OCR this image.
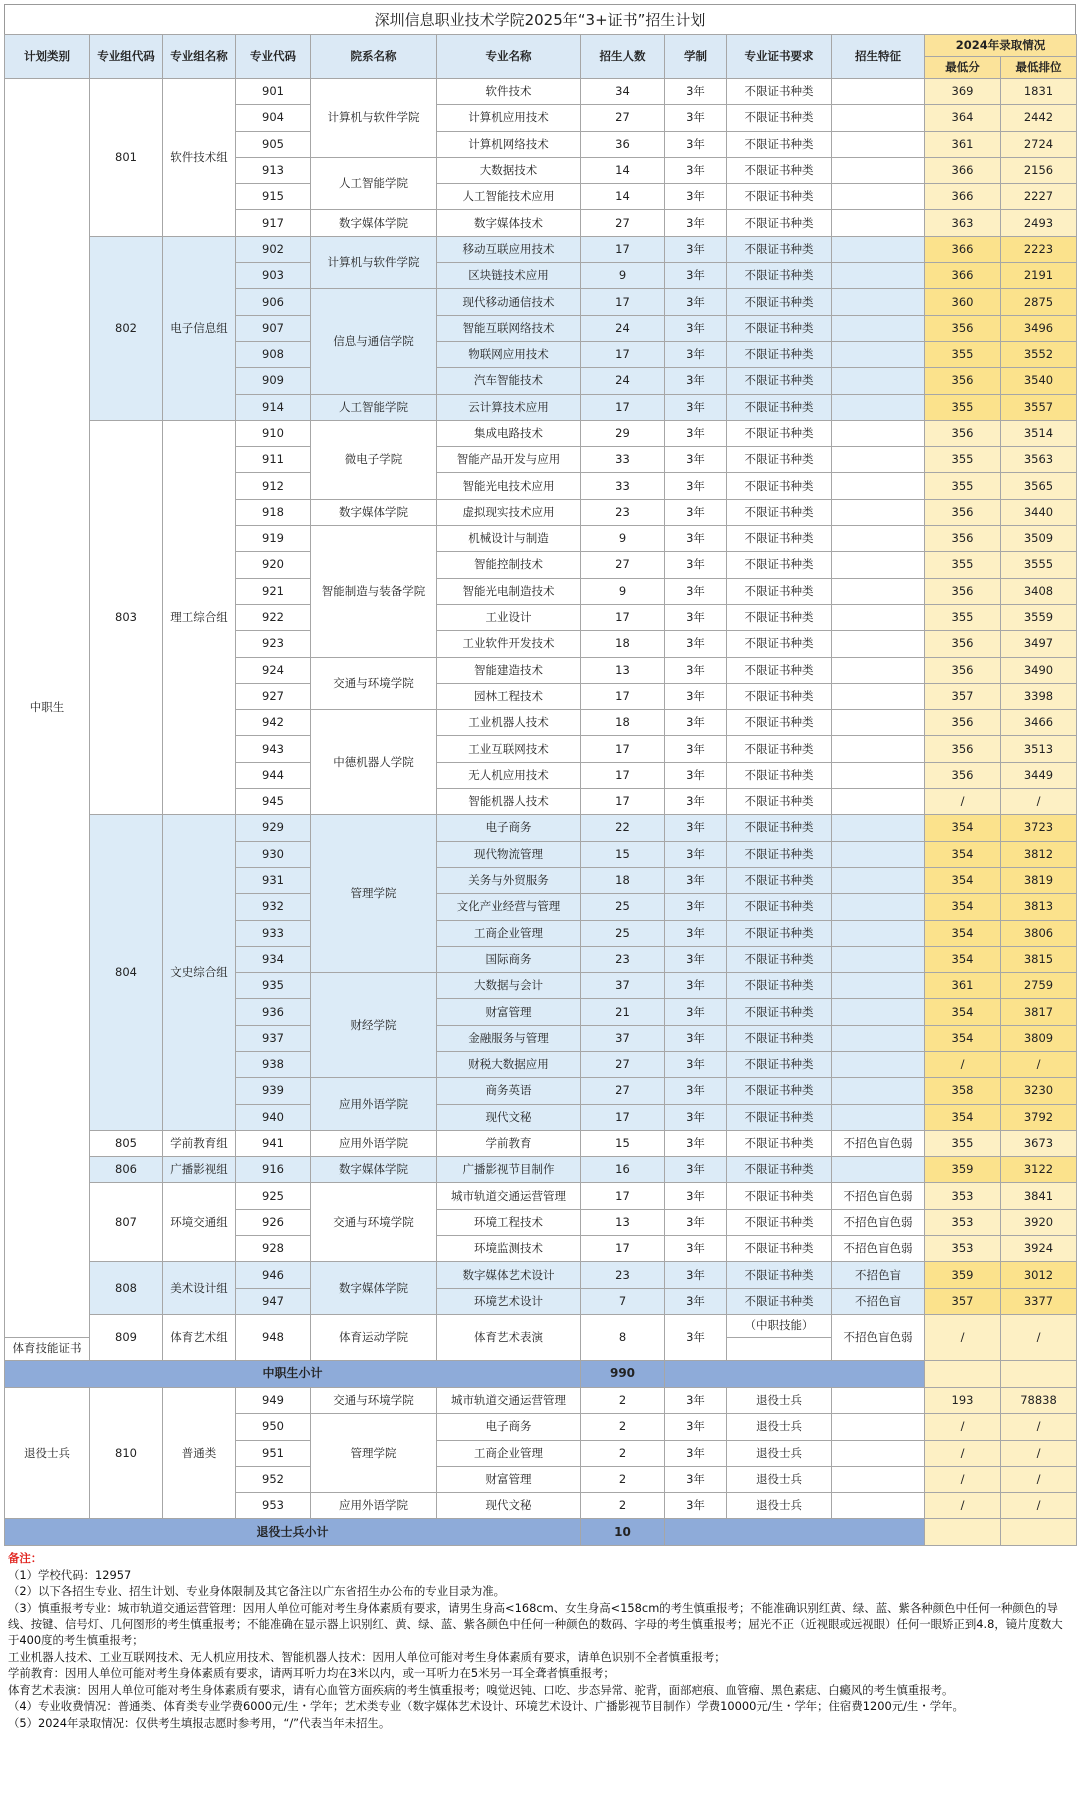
深圳信息职业技术学院2025年“3+证书”招生计划
计划类别	专业组代码	专业组名称	专业代码	院系名称	专业名称	招生人数	学制	专业证书要求	招生特征	2024年录取情况	
										最低分	最低排位
中职生	801	软件技术组	901	计算机与软件学院	软件技术	34	3年	不限证书种类		369	1831
			904		计算机应用技术	27	3年	不限证书种类		364	2442
			905		计算机网络技术	36	3年	不限证书种类		361	2724
			913	人工智能学院	大数据技术	14	3年	不限证书种类		366	2156
			915		人工智能技术应用	14	3年	不限证书种类		366	2227
			917	数字媒体学院	数字媒体技术	27	3年	不限证书种类		363	2493
	802	电子信息组	902	计算机与软件学院	移动互联应用技术	17	3年	不限证书种类		366	2223
			903		区块链技术应用	9	3年	不限证书种类		366	2191
			906	信息与通信学院	现代移动通信技术	17	3年	不限证书种类		360	2875
			907		智能互联网络技术	24	3年	不限证书种类		356	3496
			908		物联网应用技术	17	3年	不限证书种类		355	3552
			909		汽车智能技术	24	3年	不限证书种类		356	3540
			914	人工智能学院	云计算技术应用	17	3年	不限证书种类		355	3557
	803	理工综合组	910	微电子学院	集成电路技术	29	3年	不限证书种类		356	3514
			911		智能产品开发与应用	33	3年	不限证书种类		355	3563
			912		智能光电技术应用	33	3年	不限证书种类		355	3565
			918	数字媒体学院	虚拟现实技术应用	23	3年	不限证书种类		356	3440
			919	智能制造与装备学院	机械设计与制造	9	3年	不限证书种类		356	3509
			920		智能控制技术	27	3年	不限证书种类		355	3555
			921		智能光电制造技术	9	3年	不限证书种类		356	3408
			922		工业设计	17	3年	不限证书种类		355	3559
			923		工业软件开发技术	18	3年	不限证书种类		356	3497
			924	交通与环境学院	智能建造技术	13	3年	不限证书种类		356	3490
			927		园林工程技术	17	3年	不限证书种类		357	3398
			942	中德机器人学院	工业机器人技术	18	3年	不限证书种类		356	3466
			943		工业互联网技术	17	3年	不限证书种类		356	3513
			944		无人机应用技术	17	3年	不限证书种类		356	3449
			945		智能机器人技术	17	3年	不限证书种类		/	/
	804	文史综合组	929	管理学院	电子商务	22	3年	不限证书种类		354	3723
			930		现代物流管理	15	3年	不限证书种类		354	3812
			931		关务与外贸服务	18	3年	不限证书种类		354	3819
			932		文化产业经营与管理	25	3年	不限证书种类		354	3813
			933		工商企业管理	25	3年	不限证书种类		354	3806
			934		国际商务	23	3年	不限证书种类		354	3815
			935	财经学院	大数据与会计	37	3年	不限证书种类		361	2759
			936		财富管理	21	3年	不限证书种类		354	3817
			937		金融服务与管理	37	3年	不限证书种类		354	3809
			938		财税大数据应用	27	3年	不限证书种类		/	/
			939	应用外语学院	商务英语	27	3年	不限证书种类		358	3230
			940		现代文秘	17	3年	不限证书种类		354	3792
	805	学前教育组	941	应用外语学院	学前教育	15	3年	不限证书种类	不招色盲色弱	355	3673
	806	广播影视组	916	数字媒体学院	广播影视节目制作	16	3年	不限证书种类		359	3122
	807	环境交通组	925	交通与环境学院	城市轨道交通运营管理	17	3年	不限证书种类	不招色盲色弱	353	3841
			926		环境工程技术	13	3年	不限证书种类	不招色盲色弱	353	3920
			928		环境监测技术	17	3年	不限证书种类	不招色盲色弱	353	3924
	808	美术设计组	946	数字媒体学院	数字媒体艺术设计	23	3年	不限证书种类	不招色盲	359	3012
			947		环境艺术设计	7	3年	不限证书种类	不招色盲	357	3377
	809	体育艺术组	948	体育运动学院	体育艺术表演	8	3年	（中职技能）	不招色盲色弱	/	/
体育技能证书											
中职生小计						990					
退役士兵	810	普通类	949	交通与环境学院	城市轨道交通运营管理	2	3年	退役士兵		193	78838
			950	管理学院	电子商务	2	3年	退役士兵		/	/
			951		工商企业管理	2	3年	退役士兵		/	/
			952		财富管理	2	3年	退役士兵		/	/
			953	应用外语学院	现代文秘	2	3年	退役士兵		/	/
退役士兵小计						10					

备注：

（1）学校代码：12957

（2）以下各招生专业、招生计划、专业身体限制及其它备注以广东省招生办公布的专业目录为准。

（3）慎重报考专业：城市轨道交通运营管理：因用人单位可能对考生身体素质有要求，请男生身高<168cm、女生身高<158cm的考生慎重报考；不能准确识别红黄、绿、蓝、紫各种颜色中任何一种颜色的导线、按键、信号灯、几何图形的考生慎重报考；不能准确在显示器上识别红、黄、绿、蓝、紫各颜色中任何一种颜色的数码、字母的考生慎重报考；屈光不正（近视眼或远视眼）任何一眼矫正到4.8，镜片度数大于400度的考生慎重报考；

工业机器人技术、工业互联网技术、无人机应用技术、智能机器人技术：因用人单位可能对考生身体素质有要求，请单色识别不全者慎重报考；

学前教育：因用人单位可能对考生身体素质有要求，请两耳听力均在3米以内，或一耳听力在5米另一耳全聋者慎重报考；

体育艺术表演：因用人单位可能对考生身体素质有要求，请有心血管方面疾病的考生慎重报考；嗅觉迟钝、口吃、步态异常、驼背，面部疤痕、血管瘤、黑色素痣、白癜风的考生慎重报考。

（4）专业收费情况：普通类、体育类专业学费6000元/生・学年；艺术类专业（数字媒体艺术设计、环境艺术设计、广播影视节目制作）学费10000元/生・学年；住宿费1200元/生・学年。

（5）2024年录取情况：仅供考生填报志愿时参考用，“/”代表当年未招生。
